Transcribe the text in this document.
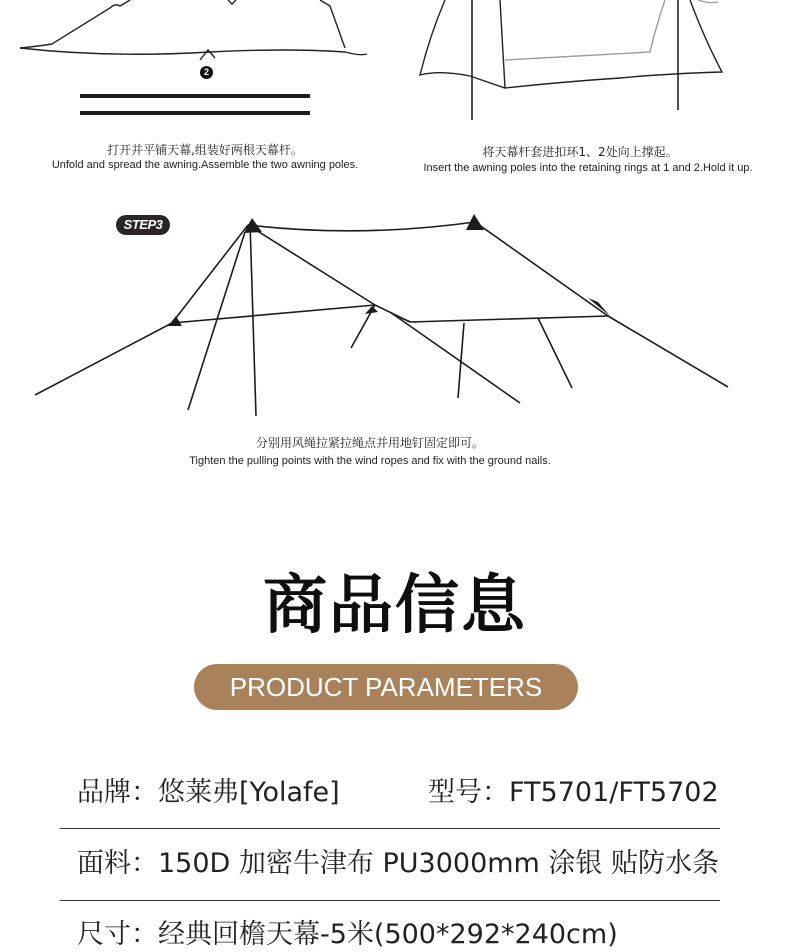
2
打开并平铺天幕,组装好两根天幕杆。
Unfold and spread the awning.Assemble the two awning poles.
将天幕杆套进扣环1、2处向上撑起。
Insert the awning poles into the retaining rings at 1 and 2.Hold it up.
STEP3
分别用风绳拉紧拉绳点并用地钉固定即可。
Tighten the pulling points with the wind ropes and fix with the ground nails.
商品信息
PRODUCT PARAMETERS
品牌：悠莱弗[Yolafe]	型号：FT5701/FT5702
面料：150D 加密牛津布 PU3000mm 涂银 贴防水条
尺寸：经典回檐天幕-5米(500*292*240cm)
